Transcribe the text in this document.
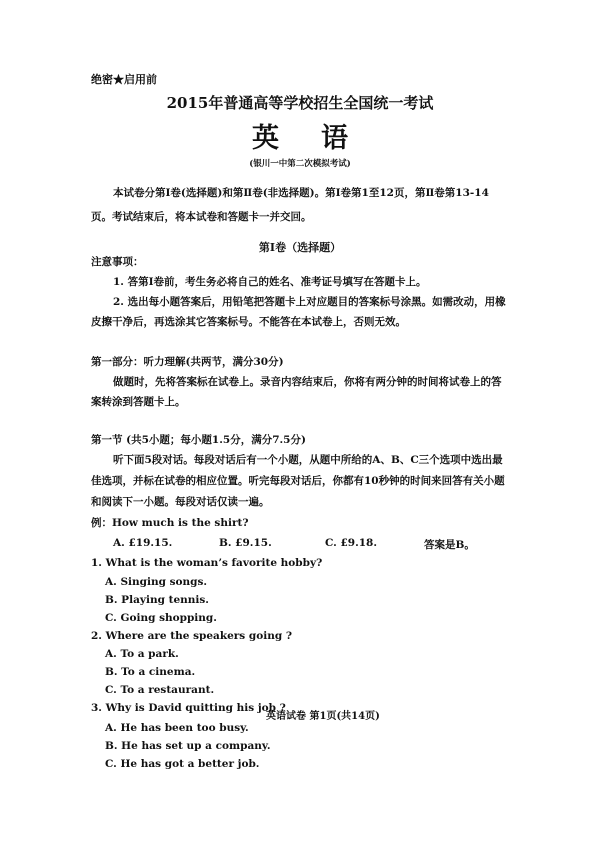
绝密★启用前
2015年普通高等学校招生全国统一考试
英语
(银川一中第二次模拟考试)
本试卷分第Ⅰ卷(选择题)和第Ⅱ卷(非选择题)。第Ⅰ卷第1至12页，第Ⅱ卷第13-14
页。考试结束后，将本试卷和答题卡一并交回。
第Ⅰ卷（选择题）
注意事项：
1. 答第Ⅰ卷前，考生务必将自己的姓名、准考证号填写在答题卡上。
2. 选出每小题答案后，用铅笔把答题卡上对应题目的答案标号涂黑。如需改动，用橡
皮擦干净后，再选涂其它答案标号。不能答在本试卷上，否则无效。
第一部分：听力理解(共两节，满分30分)
做题时，先将答案标在试卷上。录音内容结束后，你将有两分钟的时间将试卷上的答
案转涂到答题卡上。
第一节 (共5小题；每小题1.5分，满分7.5分)
听下面5段对话。每段对话后有一个小题，从题中所给的A、B、C三个选项中选出最
佳选项，并标在试卷的相应位置。听完每段对话后，你都有10秒钟的时间来回答有关小题
和阅读下一小题。每段对话仅读一遍。
例：How much is the shirt?
A. £19.15.	B. £9.15.	C. £9.18.	答案是B。
1. What is the woman’s favorite hobby?
A. Singing songs.
B. Playing tennis.
C. Going shopping.
2. Where are the speakers going ?
A. To a park.
B. To a cinema.
C. To a restaurant.
3. Why is David quitting his job ?
英语试卷 第1页(共14页)
A. He has been too busy.
B. He has set up a company.
C. He has got a better job.
